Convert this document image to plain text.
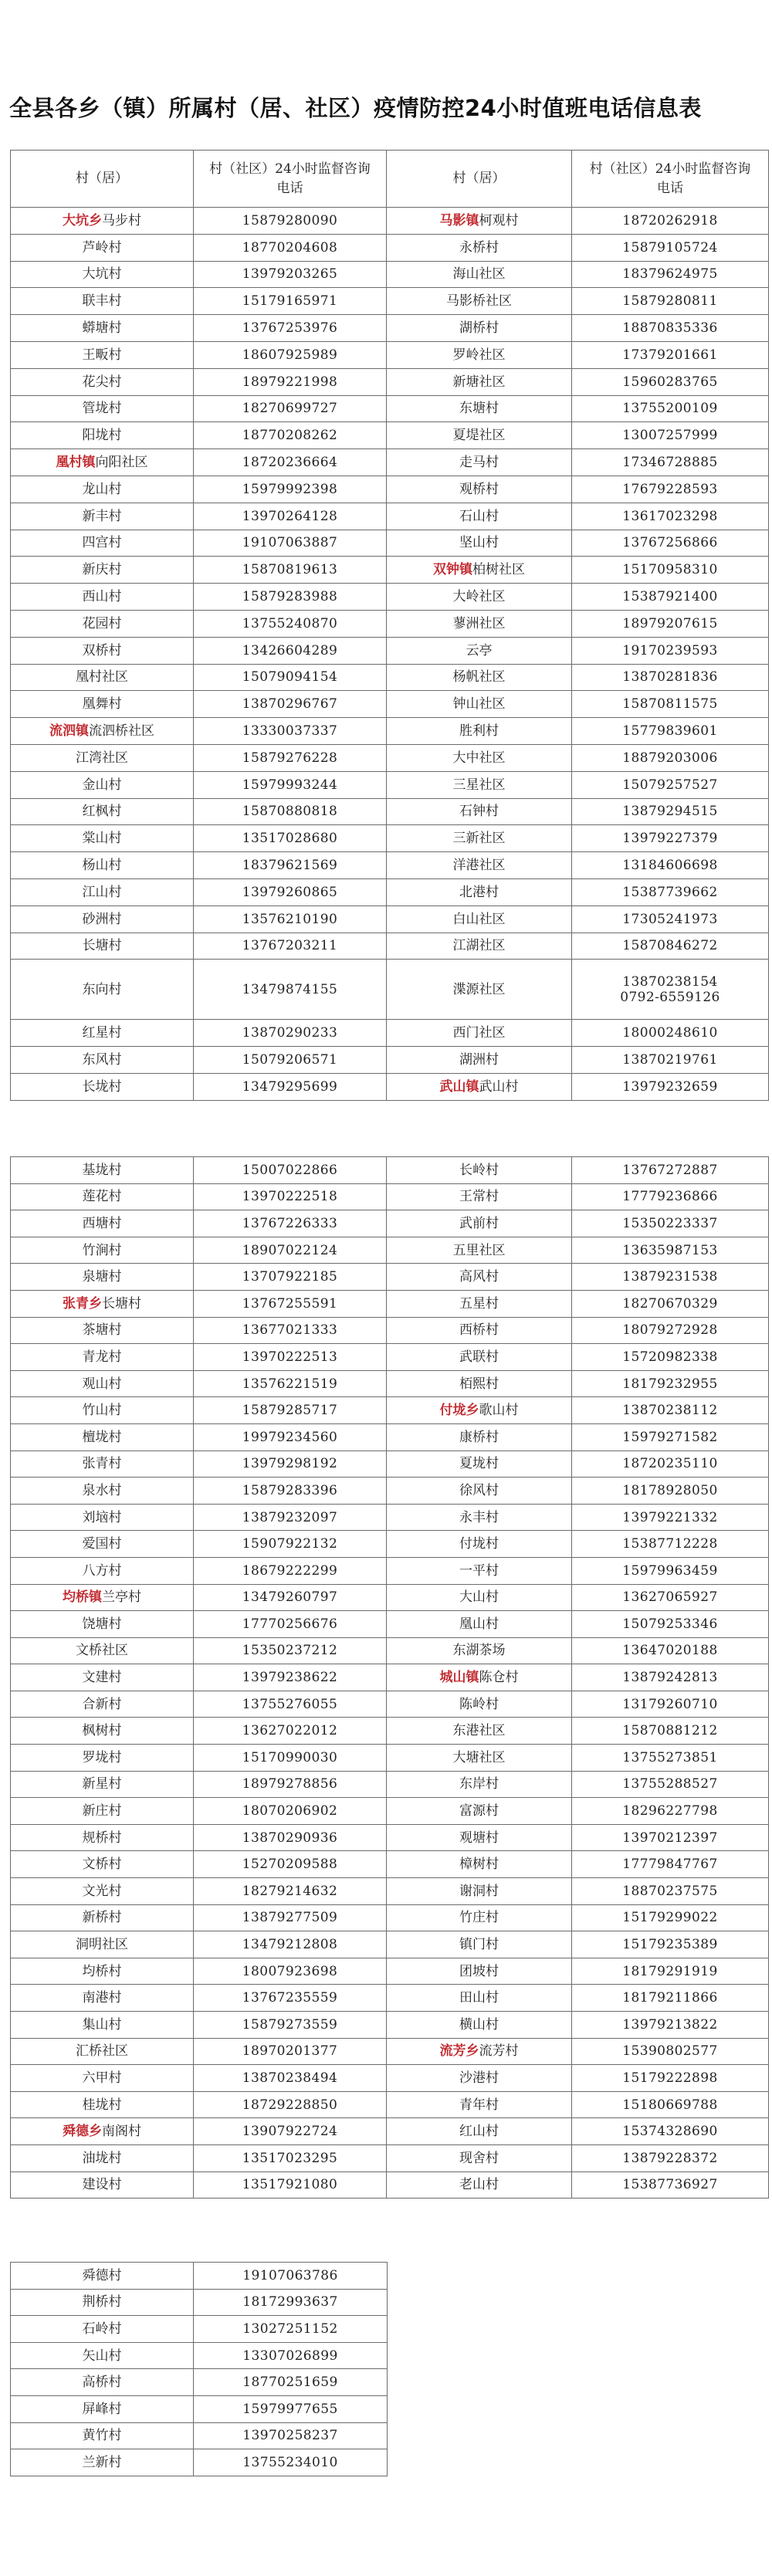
全县各乡（镇）所属村（居、社区）疫情防控24小时值班电话信息表
村（居）	村（社区）24小时监督咨询电话	村（居）	村（社区）24小时监督咨询电话
大坑乡马步村	15879280090	马影镇柯观村	18720262918
芦岭村	18770204608	永桥村	15879105724
大坑村	13979203265	海山社区	18379624975
联丰村	15179165971	马影桥社区	15879280811
蟒塘村	13767253976	湖桥村	18870835336
王畈村	18607925989	罗岭社区	17379201661
花尖村	18979221998	新塘社区	15960283765
管垅村	18270699727	东塘村	13755200109
阳垅村	18770208262	夏堤社区	13007257999
凰村镇向阳社区	18720236664	走马村	17346728885
龙山村	15979992398	观桥村	17679228593
新丰村	13970264128	石山村	13617023298
四宫村	19107063887	坚山村	13767256866
新庆村	15870819613	双钟镇柏树社区	15170958310
西山村	15879283988	大岭社区	15387921400
花园村	13755240870	蓼洲社区	18979207615
双桥村	13426604289	云亭	19170239593
凰村社区	15079094154	杨帆社区	13870281836
凰舞村	13870296767	钟山社区	15870811575
流泗镇流泗桥社区	13330037337	胜利村	15779839601
江湾社区	15879276228	大中社区	18879203006
金山村	15979993244	三星社区	15079257527
红枫村	15870880818	石钟村	13879294515
棠山村	13517028680	三新社区	13979227379
杨山村	18379621569	洋港社区	13184606698
江山村	13979260865	北港村	15387739662
砂洲村	13576210190	白山社区	17305241973
长塘村	13767203211	江湖社区	15870846272
东向村	13479874155	渫源社区	13870238154
0792-6559126
红星村	13870290233	西门社区	18000248610
东风村	15079206571	湖洲村	13870219761
长垅村	13479295699	武山镇武山村	13979232659
基垅村	15007022866	长岭村	13767272887
莲花村	13970222518	王常村	17779236866
西塘村	13767226333	武前村	15350223337
竹涧村	18907022124	五里社区	13635987153
泉塘村	13707922185	高风村	13879231538
张青乡长塘村	13767255591	五星村	18270670329
茶塘村	13677021333	西桥村	18079272928
青龙村	13970222513	武联村	15720982338
观山村	13576221519	栢熙村	18179232955
竹山村	15879285717	付垅乡歌山村	13870238112
檀垅村	19979234560	康桥村	15979271582
张青村	13979298192	夏垅村	18720235110
泉水村	15879283396	徐风村	18178928050
刘垴村	13879232097	永丰村	13979221332
爱国村	15907922132	付垅村	15387712228
八方村	18679222299	一平村	15979963459
均桥镇兰亭村	13479260797	大山村	13627065927
饶塘村	17770256676	凰山村	15079253346
文桥社区	15350237212	东湖茶场	13647020188
文建村	13979238622	城山镇陈仓村	13879242813
合新村	13755276055	陈岭村	13179260710
枫树村	13627022012	东港社区	15870881212
罗垅村	15170990030	大塘社区	13755273851
新星村	18979278856	东岸村	13755288527
新庄村	18070206902	富源村	18296227798
规桥村	13870290936	观塘村	13970212397
文桥村	15270209588	樟树村	17779847767
文光村	18279214632	谢洞村	18870237575
新桥村	13879277509	竹庄村	15179299022
洞明社区	13479212808	镇门村	15179235389
均桥村	18007923698	团坡村	18179291919
南港村	13767235559	田山村	18179211866
集山村	15879273559	横山村	13979213822
汇桥社区	18970201377	流芳乡流芳村	15390802577
六甲村	13870238494	沙港村	15179222898
桂垅村	18729228850	青年村	15180669788
舜德乡南阁村	13907922724	红山村	15374328690
油垅村	13517023295	现舍村	13879228372
建设村	13517921080	老山村	15387736927
舜德村	19107063786
荆桥村	18172993637
石岭村	13027251152
矢山村	13307026899
高桥村	18770251659
屏峰村	15979977655
黄竹村	13970258237
兰新村	13755234010
